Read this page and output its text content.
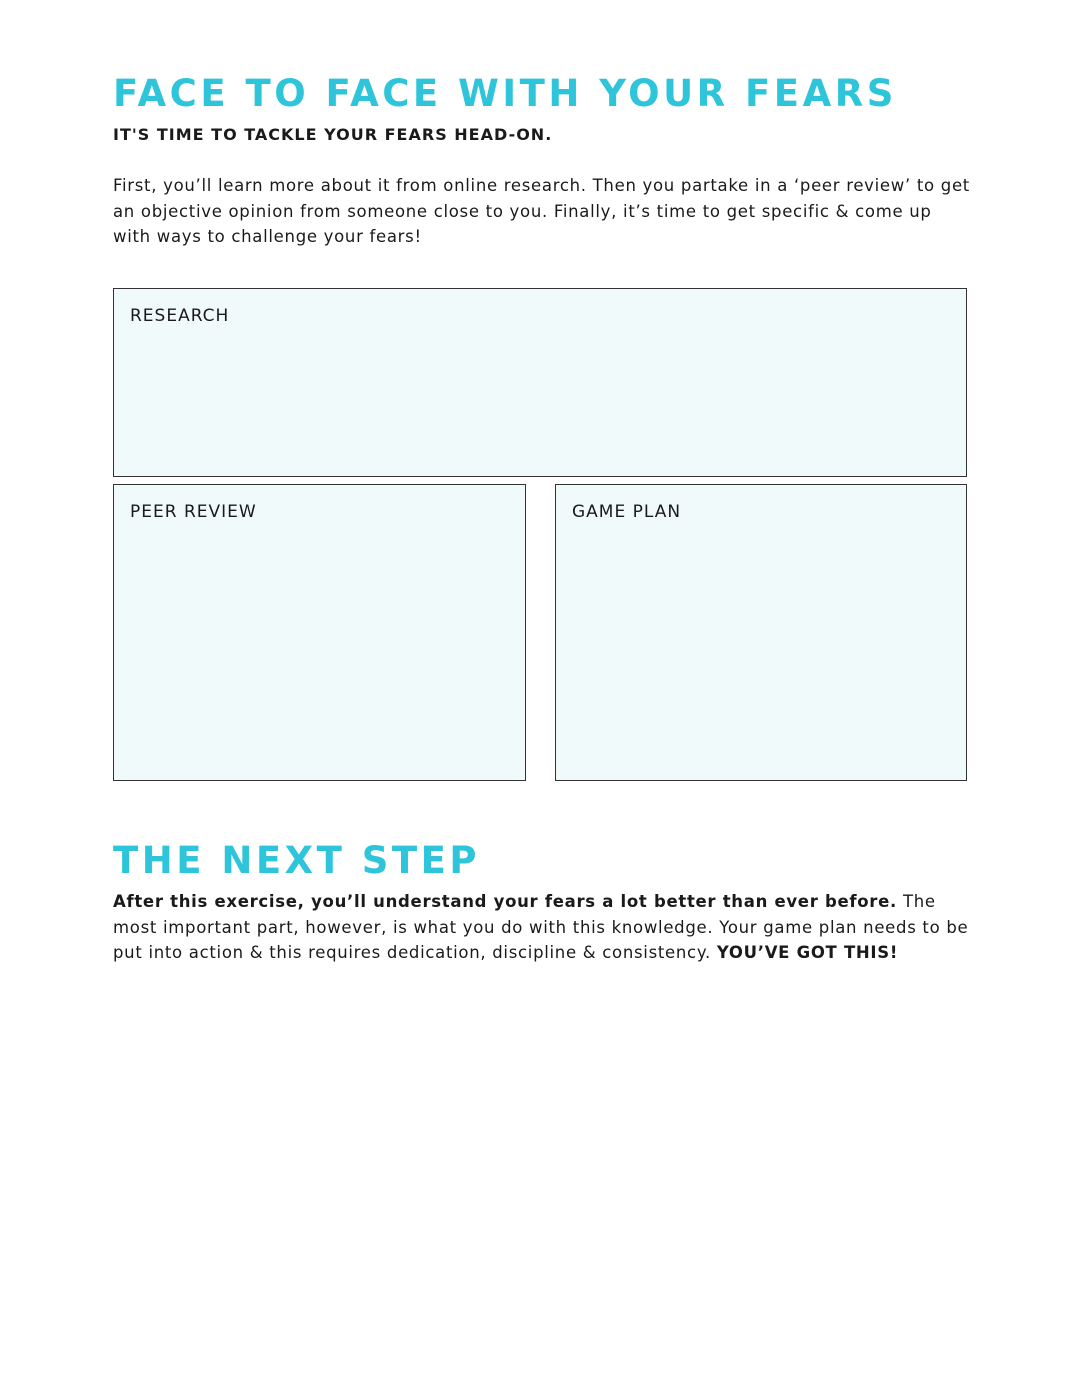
FACE TO FACE WITH YOUR FEARS

IT'S TIME TO TACKLE YOUR FEARS HEAD-ON.

First, you’ll learn more about it from online research. Then you partake in a ‘peer review’ to get an objective opinion from someone close to you. Finally, it’s time to get specific & come up with ways to challenge your fears!

RESEARCH
PEER REVIEW	GAME PLAN
THE NEXT STEP

After this exercise, you’ll understand your fears a lot better than ever before. The most important part, however, is what you do with this knowledge. Your game plan needs to be put into action & this requires dedication, discipline & consistency. YOU’VE GOT THIS!
